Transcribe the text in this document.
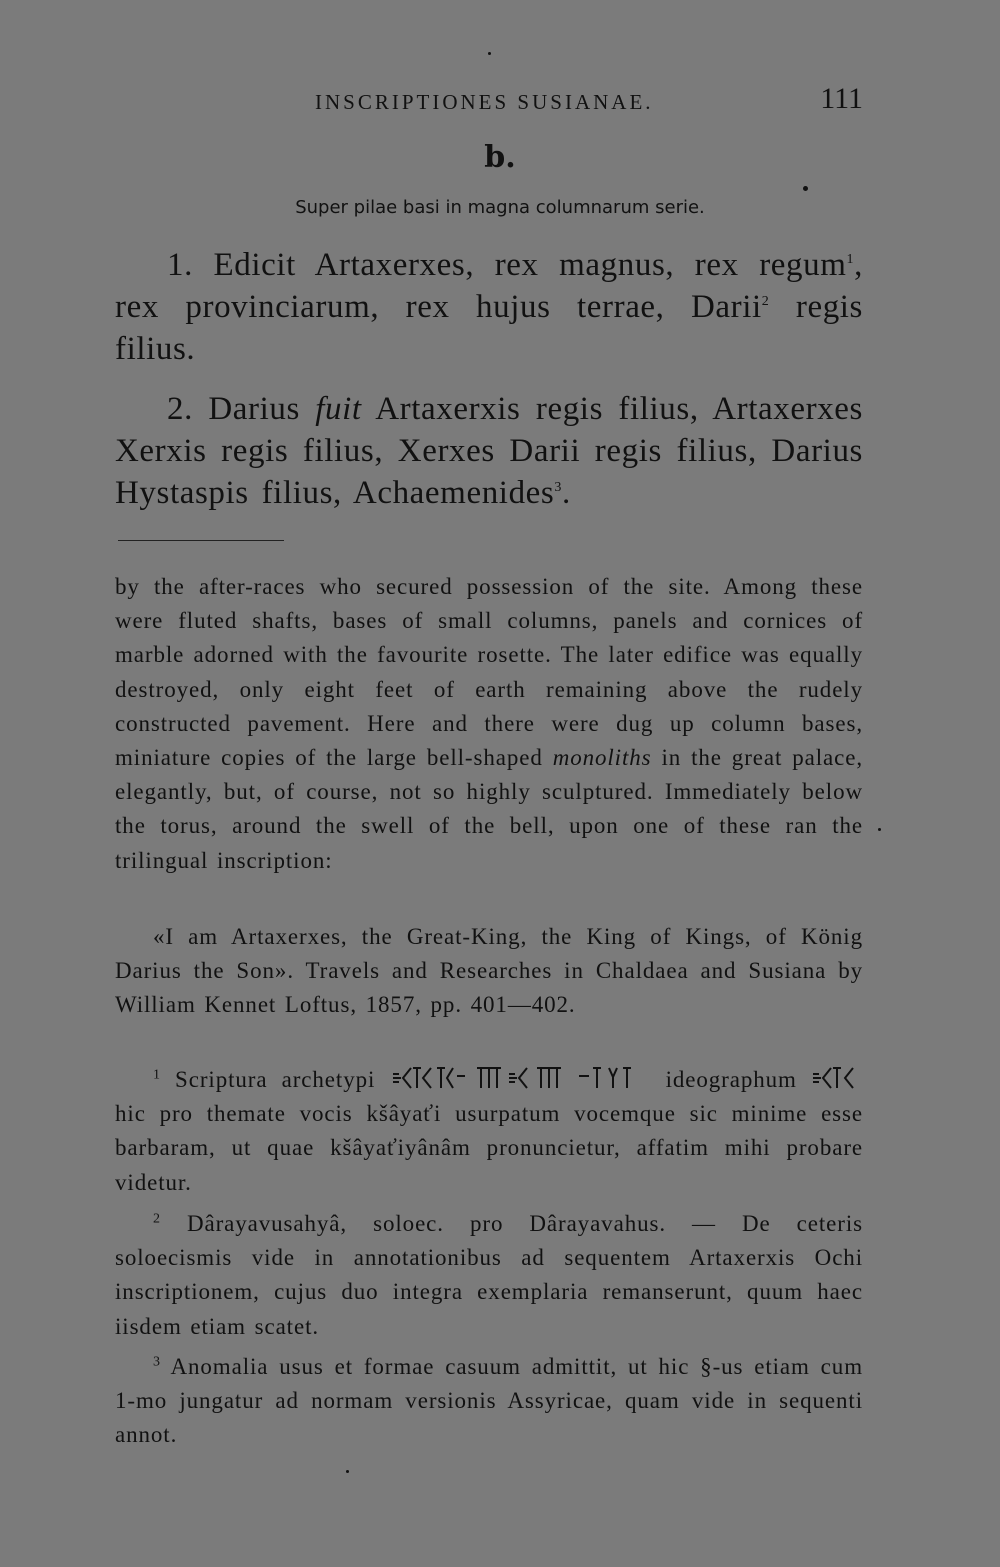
INSCRIPTIONES SUSIANAE.	111
b.
Super pilae basi in magna columnarum serie.

1. Edicit Artaxerxes, rex magnus, rex regum$^1$, rex provinciarum, rex hujus terrae, Darii$^2$ regis filius.

2. Darius fuit Artaxerxis regis filius, Artaxerxes Xerxis regis filius, Xerxes Darii regis filius, Darius Hystaspis filius, Achaemenides$^3$.

by the after-races who secured possession of the site. Among these were fluted shafts, bases of small columns, panels and cornices of marble adorned with the favourite rosette. The later edifice was equally destroyed, only eight feet of earth remaining above the rudely constructed pavement. Here and there were dug up column bases, miniature copies of the large bell-shaped monoliths in the great palace, elegantly, but, of course, not so highly sculptured. Immediately below the torus, around the swell of the bell, upon one of these ran the trilingual inscription:

«I am Artaxerxes, the Great-King, the King of Kings, of König Darius the Son». Travels and Researches in Chaldaea and Susiana by William Kennet Loftus, 1857, pp. 401—402.

$^1$ Scriptura archetypi	ideographum  hic pro themate vocis kšâyaťi usurpatum vocemque sic minime esse barbaram, ut quae kšâyaťiyânâm pronuncietur, affatim mihi probare videtur.

$^2$ Dârayavusahyâ, soloec. pro Dârayavahus. — De ceteris soloecismis vide in annotationibus ad sequentem Artaxerxis Ochi inscriptionem, cujus duo integra exemplaria remanserunt, quum haec iisdem etiam scatet.

$^3$ Anomalia usus et formae casuum admittit, ut hic §-us etiam cum 1-mo jungatur ad normam versionis Assyricae, quam vide in sequenti annot.
